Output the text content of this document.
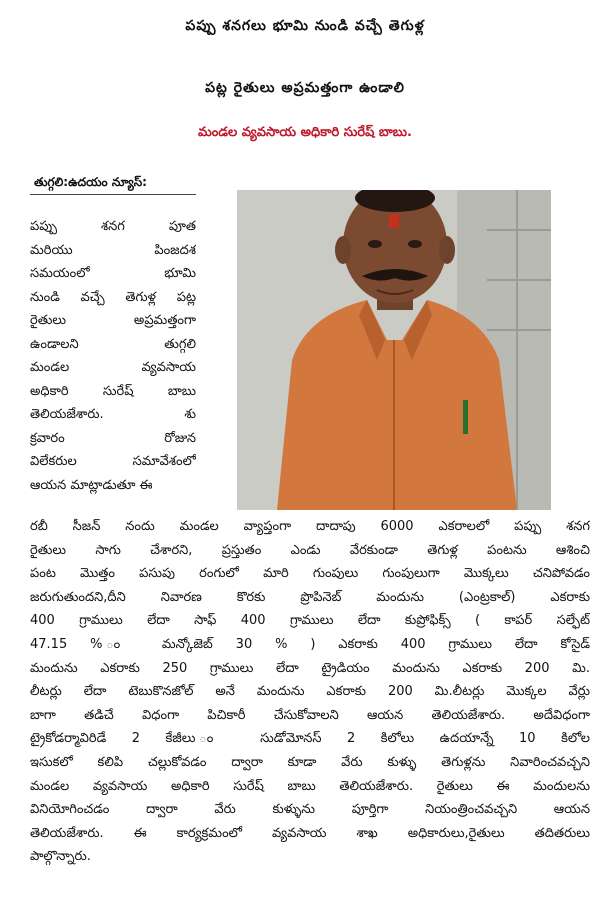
పప్పు శనగలు భూమి నుండి వచ్చే తెగుళ్ల
పట్ల రైతులు అప్రమత్తంగా ఉండాలి
మండల వ్యవసాయ అధికారి సురేష్ బాబు.
తుగ్గలి:ఉదయం న్యూస్:
పప్పు శనగ పూత
మరియు పింజదశ
సమయంలో భూమి
నుండి వచ్చే తెగుళ్ల పట్ల
రైతులు అప్రమత్తంగా
ఉండాలని తుగ్గలి
మండల వ్యవసాయ
అధికారి సురేష్ బాబు
తెలియజేశారు. శు
క్రవారం రోజున
విలేకరుల సమావేశంలో
ఆయన మాట్లాడుతూ ఈ
రబీ సీజన్ నందు మండల వ్యాప్తంగా దాదాపు 6000 ఎకరాలలో పప్పు శనగ
రైతులు సాగు చేశారని, ప్రస్తుతం ఎండు వేరకుండా తెగుళ్ల పంటను ఆశించి
పంట మొత్తం పసుపు రంగులో మారి గుంపులు గుంపులుగా మొక్కలు చనిపోవడం
జరుగుతుందని,దీని నివారణ కొరకు ప్రొపినెబ్ మందును (ఎంట్రకాల్) ఎకరాకు
400 గ్రాములు లేదా సాఫ్ 400 గ్రాములు లేదా కుప్రోఫిక్స్ ( కాపర్ సల్ఫేట్
47.15 % ం మన్కోజెబ్ 30 % ) ఎకరాకు 400 గ్రాములు లేదా కోసైడ్
మందును ఎకరాకు 250 గ్రాములు లేదా ట్రైడియం మందును ఎకరాకు 200 మి.
లీటర్లు లేదా టెబుకొనజోల్ అనే మందును ఎకరాకు 200 మి.లీటర్లు మొక్కల వేర్లు
బాగా తడిచే విధంగా పిచికారీ చేసుకోవాలని ఆయన తెలియజేశారు. అదేవిధంగా
ట్రైకోడర్మావిరిడే 2 కేజీలు ం సుడోమోనస్ 2 కిలోలు ఉదయాన్నే 10 కిలోల
ఇసుకలో కలిపి చల్లుకోవడం ద్వారా కూడా వేరు కుళ్ళు తెగుళ్లను నివారించవచ్చని
మండల వ్యవసాయ అధికారి సురేష్ బాబు తెలియజేశారు. రైతులు ఈ మందులను
వినియోగించడం ద్వారా వేరు కుళ్ళును పూర్తిగా నియంత్రించవచ్చని ఆయన
తెలియజేశారు. ఈ కార్యక్రమంలో వ్యవసాయ శాఖ అధికారులు,రైతులు తదితరులు
పాల్గొన్నారు.
